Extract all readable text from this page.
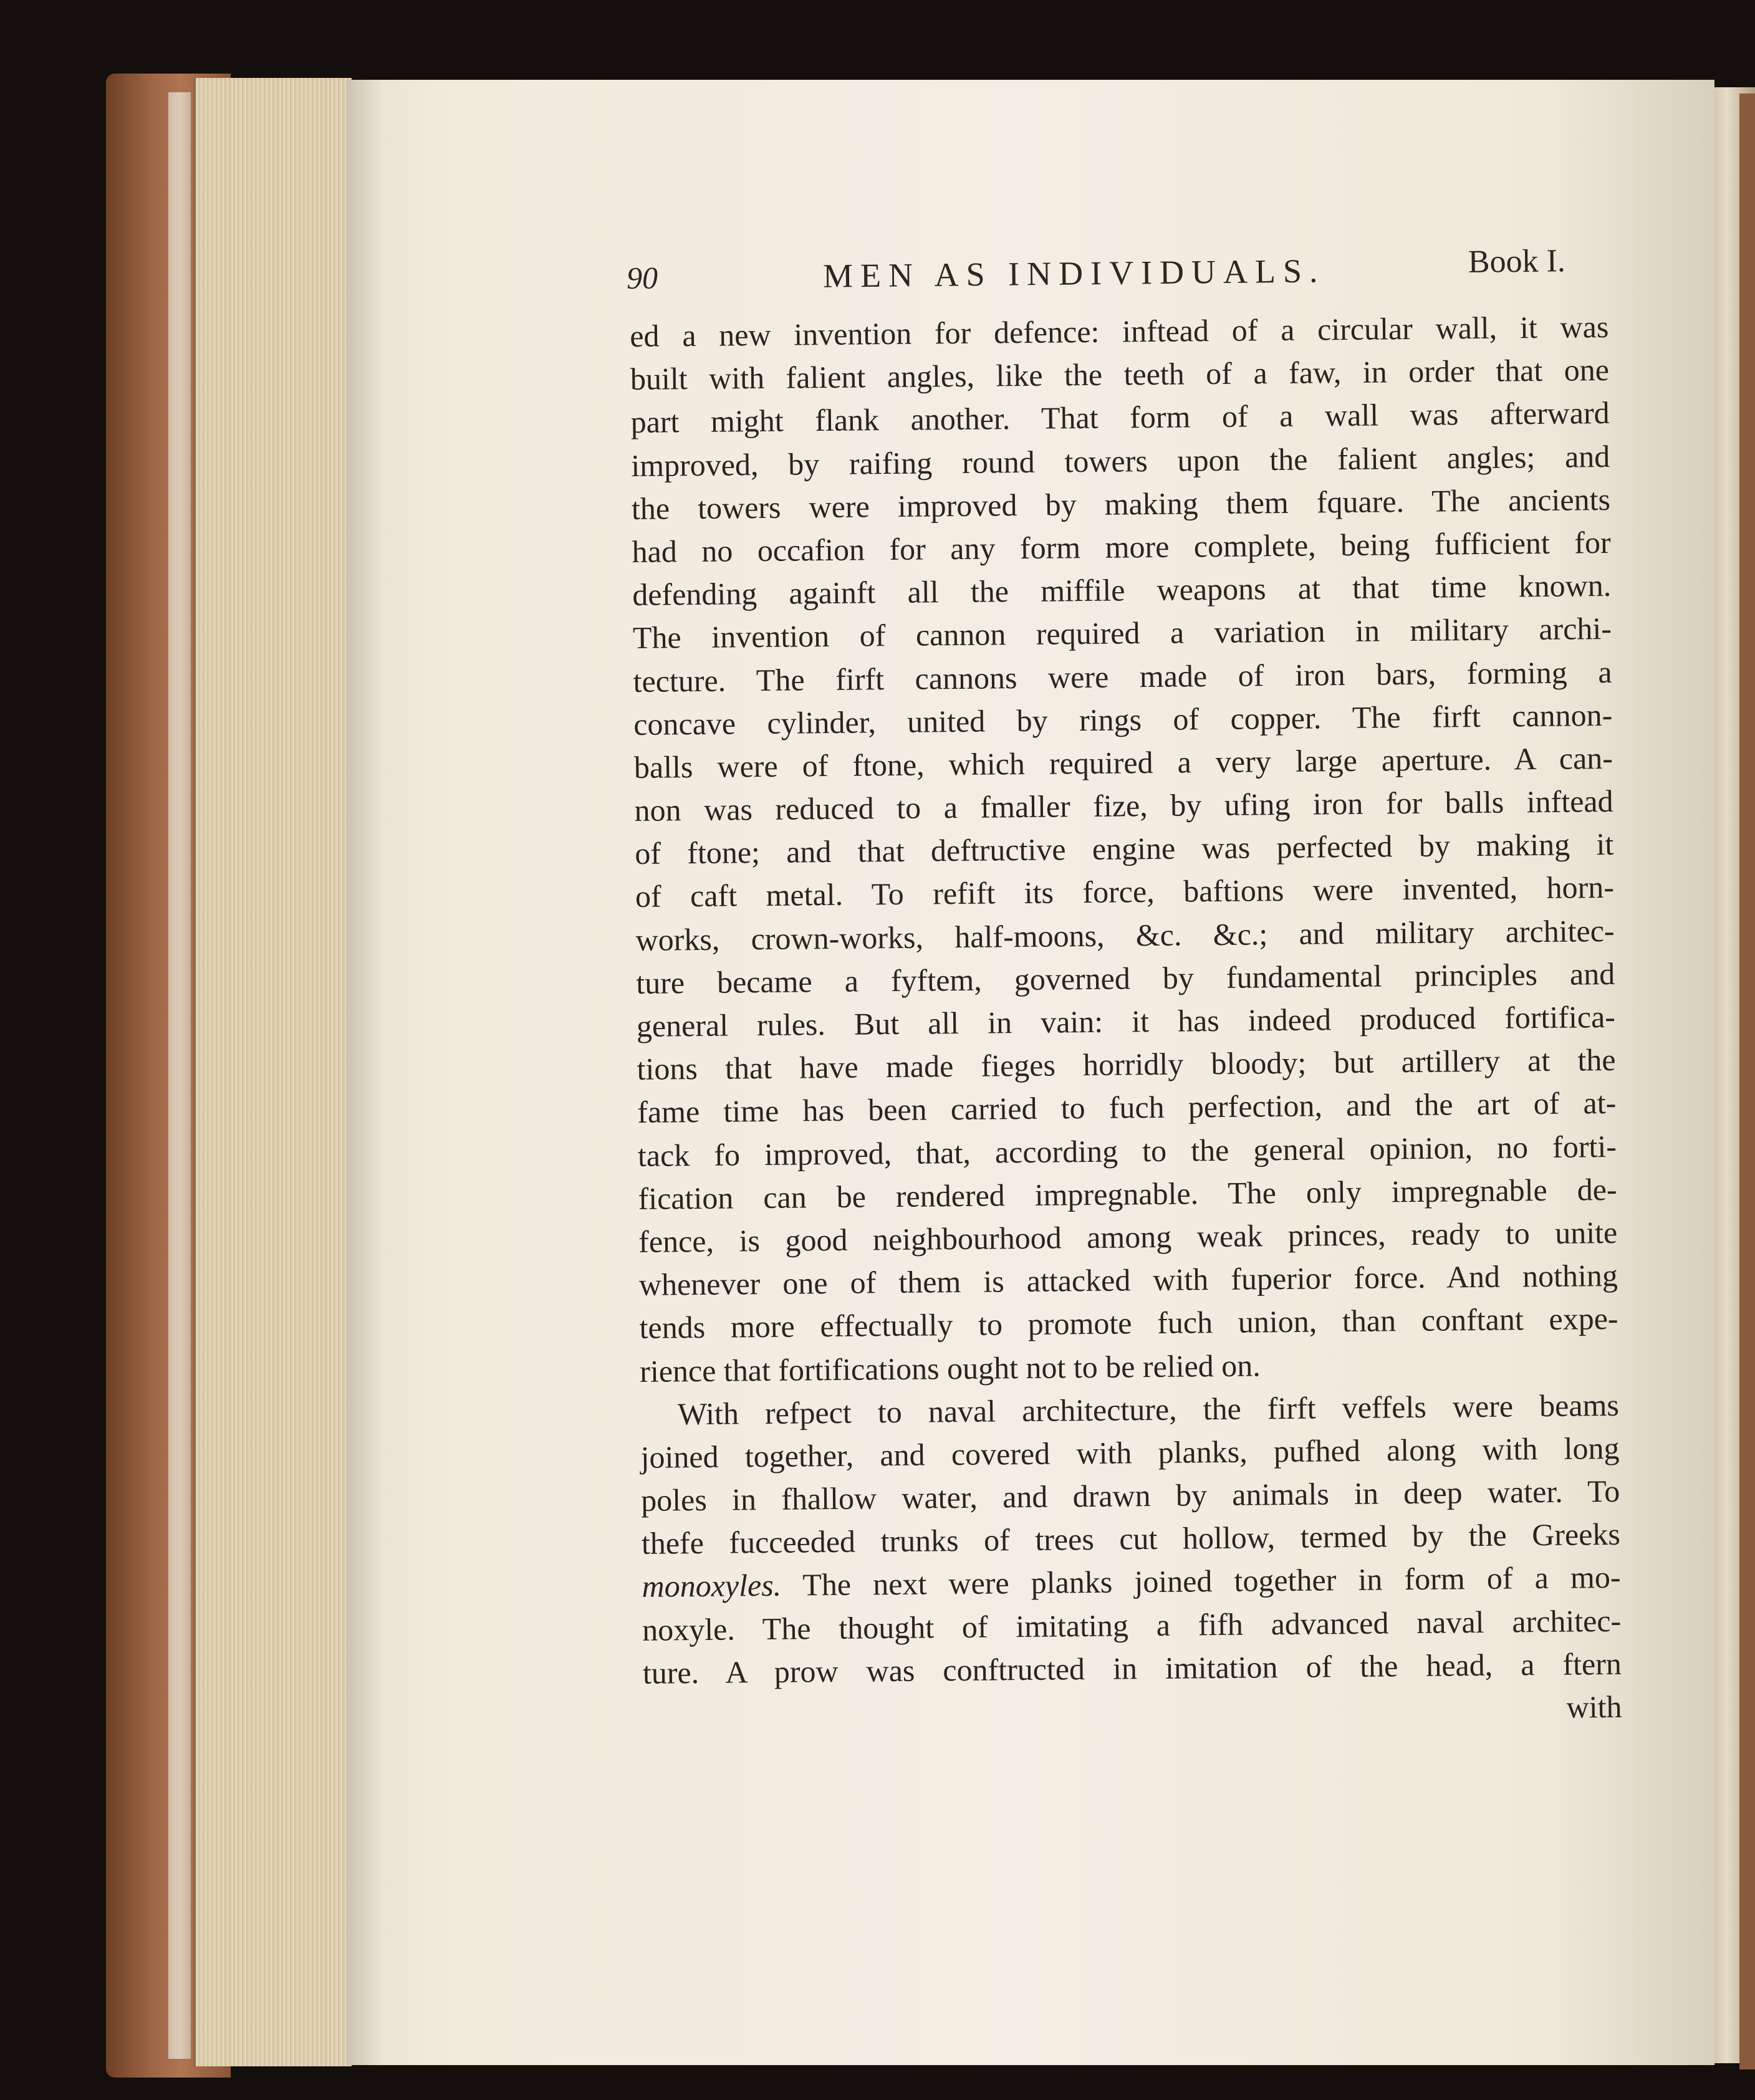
90	MEN AS INDIVIDUALS.	Book I.
ed a new invention for defence: inftead of a circular wall, it was
built with falient angles, like the teeth of a faw, in order that one
part might flank another. That form of a wall was afterward
improved, by raifing round towers upon the falient angles; and
the towers were improved by making them fquare. The ancients
had no occafion for any form more complete, being fufficient for
defending againft all the miffile weapons at that time known.
The invention of cannon required a variation in military archi-
tecture. The firft cannons were made of iron bars, forming a
concave cylinder, united by rings of copper. The firft cannon-
balls were of ftone, which required a very large aperture. A can-
non was reduced to a fmaller fize, by ufing iron for balls inftead
of ftone; and that deftructive engine was perfected by making it
of caft metal. To refift its force, baftions were invented, horn-
works, crown-works, half-moons, &c. &c.; and military architec-
ture became a fyftem, governed by fundamental principles and
general rules. But all in vain: it has indeed produced fortifica-
tions that have made fieges horridly bloody; but artillery at the
fame time has been carried to fuch perfection, and the art of at-
tack fo improved, that, according to the general opinion, no forti-
fication can be rendered impregnable. The only impregnable de-
fence, is good neighbourhood among weak princes, ready to unite
whenever one of them is attacked with fuperior force. And nothing
tends more effectually to promote fuch union, than conftant expe-
rience that fortifications ought not to be relied on.
With refpect to naval architecture, the firft veffels were beams
joined together, and covered with planks, pufhed along with long
poles in fhallow water, and drawn by animals in deep water. To
thefe fucceeded trunks of trees cut hollow, termed by the Greeks
monoxyles. The next were planks joined together in form of a mo-
noxyle. The thought of imitating a fifh advanced naval architec-
ture. A prow was conftructed in imitation of the head, a ftern
with
